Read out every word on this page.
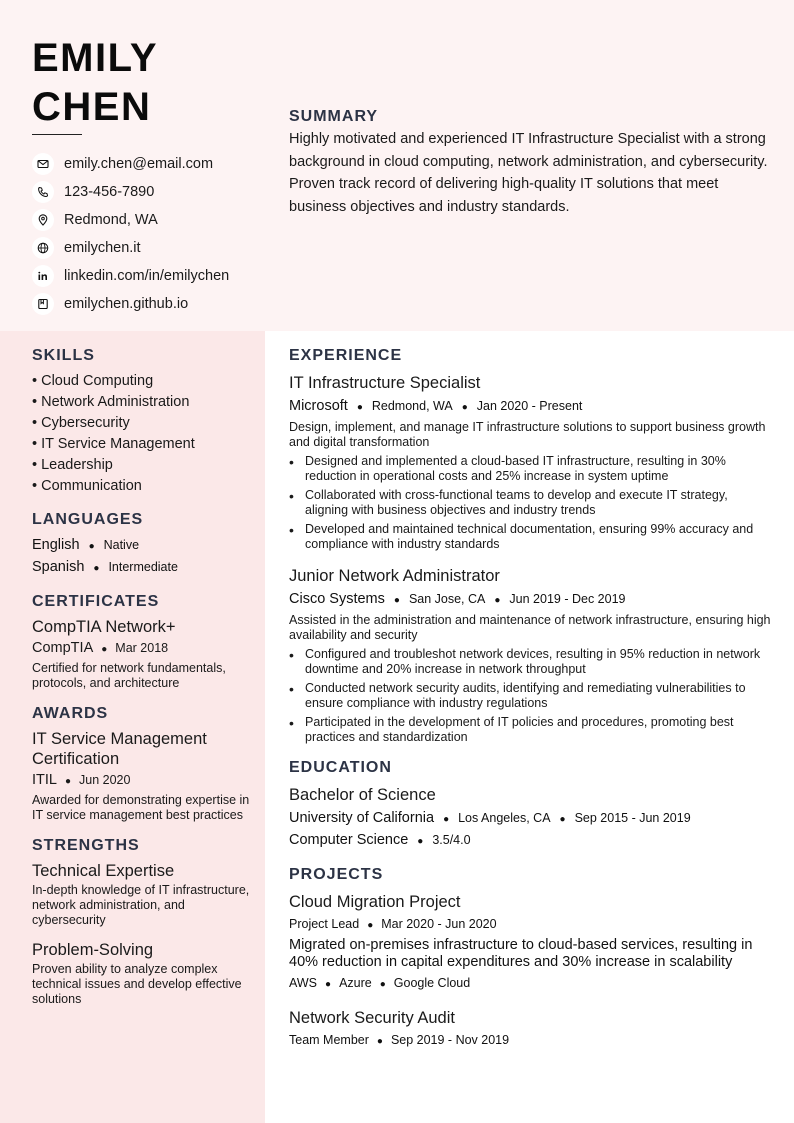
EMILY
CHEN
emily.chen@email.com
123-456-7890
Redmond, WA
emilychen.it
linkedin.com/in/emilychen
emilychen.github.io
SUMMARY

Highly motivated and experienced IT Infrastructure Specialist with a strong background in cloud computing, network administration, and cybersecurity. Proven track record of delivering high-quality IT solutions that meet business objectives and industry standards.

SKILLS
• Cloud Computing
• Network Administration
• Cybersecurity
• IT Service Management
• Leadership
• Communication
LANGUAGES
English ● Native
Spanish ● Intermediate
CERTIFICATES
CompTIA Network+
CompTIA ● Mar 2018
Certified for network fundamentals, protocols, and architecture
AWARDS
IT Service Management Certification
ITIL ● Jun 2020
Awarded for demonstrating expertise in IT service management best practices
STRENGTHS
Technical Expertise
In-depth knowledge of IT infrastructure, network administration, and cybersecurity
Problem-Solving
Proven ability to analyze complex technical issues and develop effective solutions
EXPERIENCE
IT Infrastructure Specialist
Microsoft ● Redmond, WA ● Jan 2020 - Present
Design, implement, and manage IT infrastructure solutions to support business growth and digital transformation
• Designed and implemented a cloud-based IT infrastructure, resulting in 30% reduction in operational costs and 25% increase in system uptime
• Collaborated with cross-functional teams to develop and execute IT strategy, aligning with business objectives and industry trends
• Developed and maintained technical documentation, ensuring 99% accuracy and compliance with industry standards
Junior Network Administrator
Cisco Systems ● San Jose, CA ● Jun 2019 - Dec 2019
Assisted in the administration and maintenance of network infrastructure, ensuring high availability and security
• Configured and troubleshot network devices, resulting in 95% reduction in network downtime and 20% increase in network throughput
• Conducted network security audits, identifying and remediating vulnerabilities to ensure compliance with industry regulations
• Participated in the development of IT policies and procedures, promoting best practices and standardization
EDUCATION
Bachelor of Science
University of California ● Los Angeles, CA ● Sep 2015 - Jun 2019
Computer Science ● 3.5/4.0
PROJECTS
Cloud Migration Project
Project Lead ● Mar 2020 - Jun 2020
Migrated on-premises infrastructure to cloud-based services, resulting in 40% reduction in capital expenditures and 30% increase in scalability
AWS ● Azure ● Google Cloud
Network Security Audit
Team Member ● Sep 2019 - Nov 2019
